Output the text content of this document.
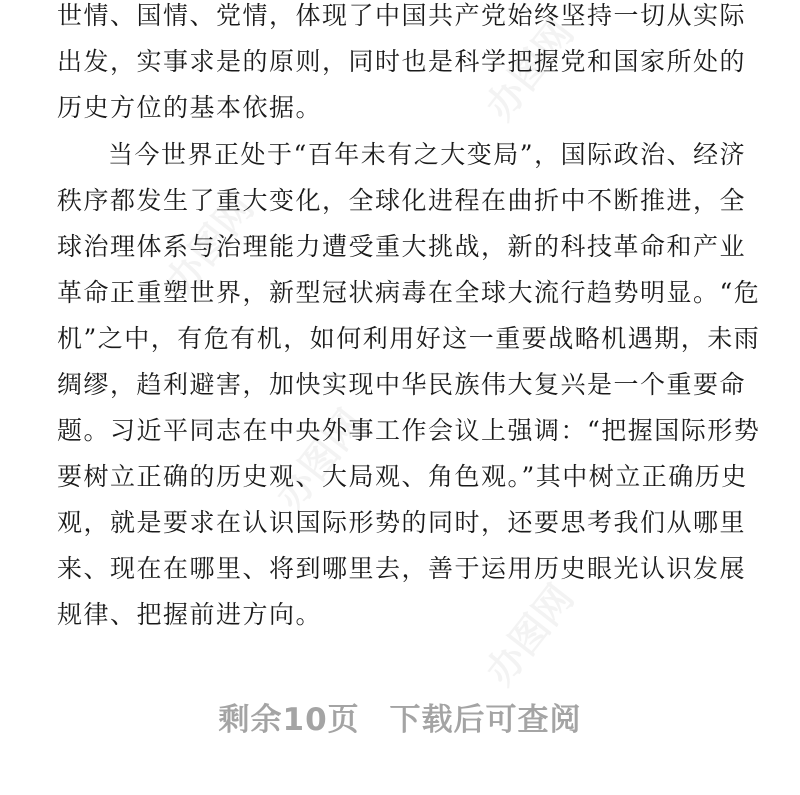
办图网
办图网
办图网
办图网
世情、国情、党情，体现了中国共产党始终坚持一切从实际
出发，实事求是的原则，同时也是科学把握党和国家所处的
历史方位的基本依据。
当今世界正处于“百年未有之大变局”，国际政治、经济
秩序都发生了重大变化，全球化进程在曲折中不断推进，全
球治理体系与治理能力遭受重大挑战，新的科技革命和产业
革命正重塑世界，新型冠状病毒在全球大流行趋势明显。“危
机”之中，有危有机，如何利用好这一重要战略机遇期，未雨
绸缪，趋利避害，加快实现中华民族伟大复兴是一个重要命
题。习近平同志在中央外事工作会议上强调：“把握国际形势
要树立正确的历史观、大局观、角色观。”其中树立正确历史
观，就是要求在认识国际形势的同时，还要思考我们从哪里
来、现在在哪里、将到哪里去，善于运用历史眼光认识发展
规律、把握前进方向。
剩余10页 下载后可查阅
